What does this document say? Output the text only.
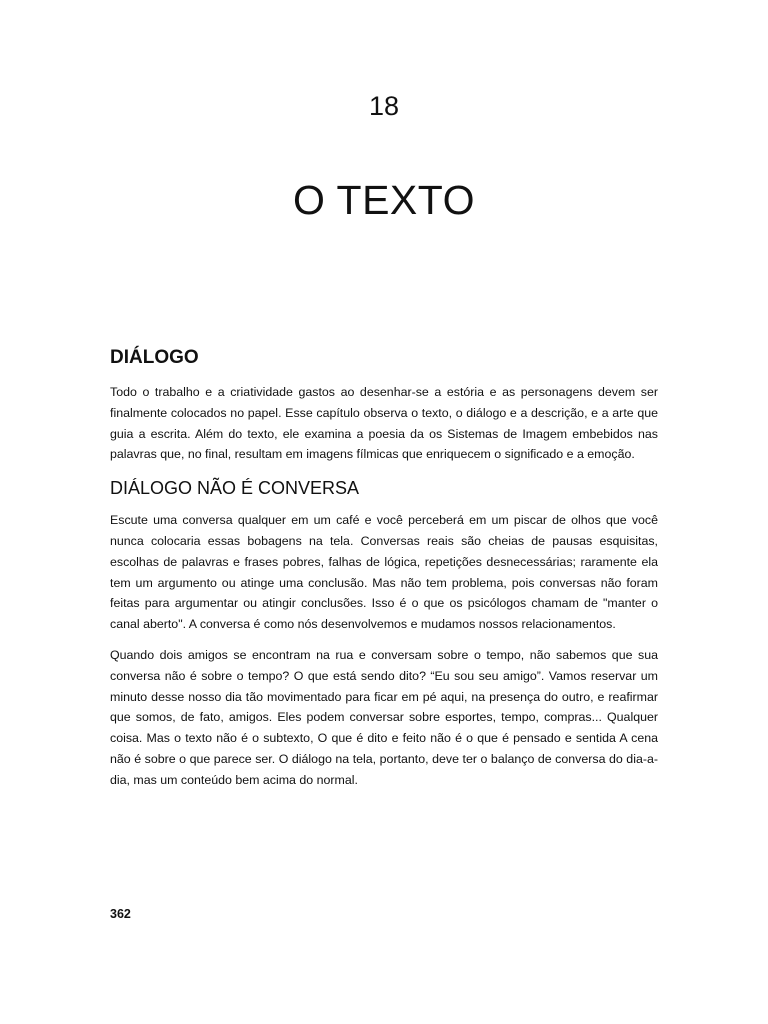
18
O TEXTO
DIÁLOGO

Todo o trabalho e a criatividade gastos ao desenhar-se a estória e as personagens devem ser finalmente colocados no papel. Esse capítulo observa o texto, o diálogo e a descrição, e a arte que guia a escrita. Além do texto, ele examina a poesia da os Sistemas de Imagem embebidos nas palavras que, no final, resultam em imagens fílmicas que enriquecem o significado e a emoção.

DIÁLOGO NÃO É CONVERSA

Escute uma conversa qualquer em um café e você perceberá em um piscar de olhos que você nunca colocaria essas bobagens na tela. Conversas reais são cheias de pausas esquisitas, escolhas de palavras e frases pobres, falhas de lógica, repetições desnecessárias; raramente ela tem um argumento ou atinge uma conclusão. Mas não tem problema, pois conversas não foram feitas para argumentar ou atingir conclusões. Isso é o que os psicólogos chamam de "manter o canal aberto". A conversa é como nós desenvolvemos e mudamos nossos relacionamentos.

Quando dois amigos se encontram na rua e conversam sobre o tempo, não sabemos que sua conversa não é sobre o tempo? O que está sendo dito? “Eu sou seu amigo”. Vamos reservar um minuto desse nosso dia tão movimentado para ficar em pé aqui, na presença do outro, e reafirmar que somos, de fato, amigos. Eles podem conversar sobre esportes, tempo, compras... Qualquer coisa. Mas o texto não é o subtexto, O que é dito e feito não é o que é pensado e sentida A cena não é sobre o que parece ser. O diálogo na tela, portanto, deve ter o balanço de conversa do dia-a-dia, mas um conteúdo bem acima do normal.

362
